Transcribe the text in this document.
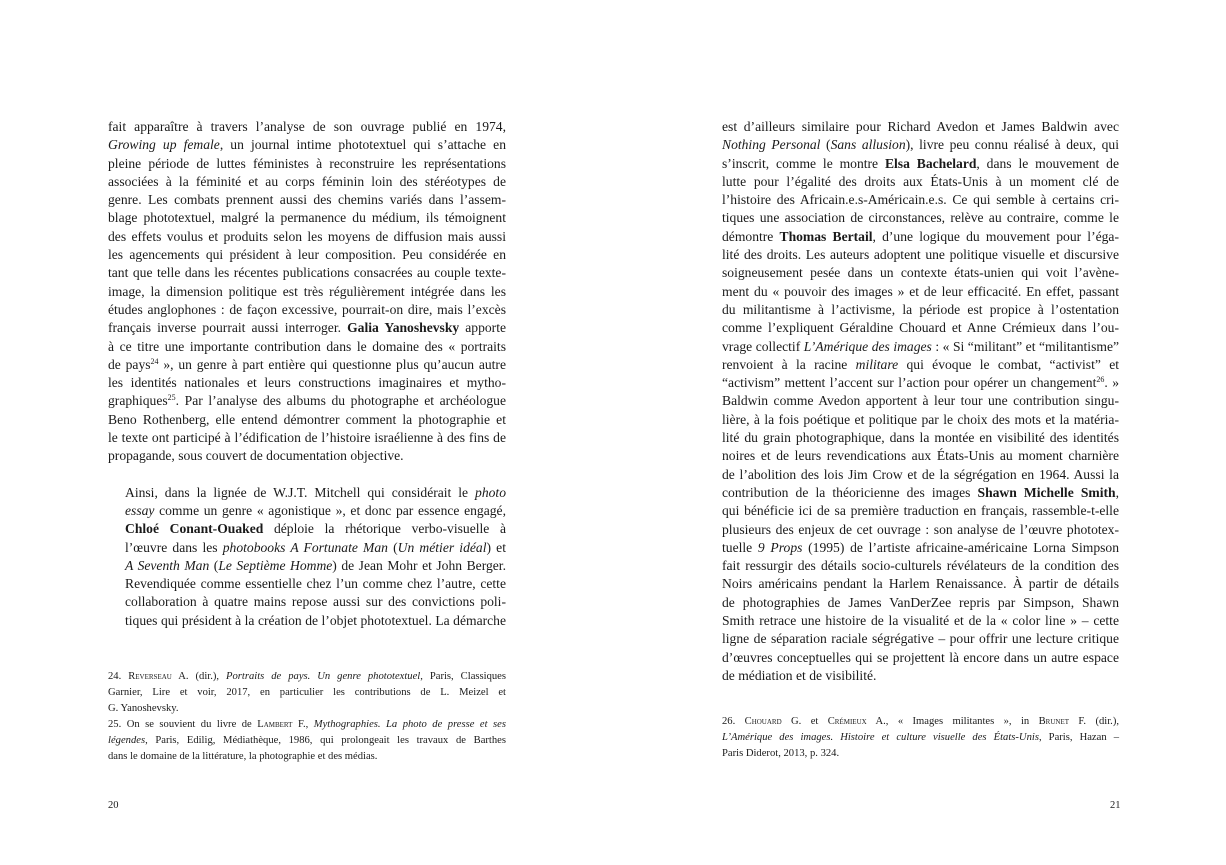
fait apparaître à travers l’analyse de son ouvrage publié en 1974,
Growing up female, un journal intime phototextuel qui s’attache en
pleine période de luttes féministes à reconstruire les représentations
associées à la féminité et au corps féminin loin des stéréotypes de
genre. Les combats prennent aussi des chemins variés dans l’assem-
blage phototextuel, malgré la permanence du médium, ils témoignent
des effets voulus et produits selon les moyens de diffusion mais aussi
les agencements qui président à leur composition. Peu considérée en
tant que telle dans les récentes publications consacrées au couple texte-
image, la dimension politique est très régulièrement intégrée dans les
études anglophones : de façon excessive, pourrait-on dire, mais l’excès
français inverse pourrait aussi interroger. Galia Yanoshevsky apporte
à ce titre une importante contribution dans le domaine des « portraits
de pays$^{24}$ », un genre à part entière qui questionne plus qu’aucun autre
les identités nationales et leurs constructions imaginaires et mytho-
graphiques$^{25}$. Par l’analyse des albums du photographe et archéologue
Beno Rothenberg, elle entend démontrer comment la photographie et
le texte ont participé à l’édification de l’histoire israélienne à des fins de
propagande, sous couvert de documentation objective.

Ainsi, dans la lignée de W.J.T. Mitchell qui considérait le photo
essay comme un genre « agonistique », et donc par essence engagé,
Chloé Conant-Ouaked déploie la rhétorique verbo-visuelle à
l’œuvre dans les photobooks A Fortunate Man (Un métier idéal) et
A Seventh Man (Le Septième Homme) de Jean Mohr et John Berger.
Revendiquée comme essentielle chez l’un comme chez l’autre, cette
collaboration à quatre mains repose aussi sur des convictions poli-
tiques qui président à la création de l’objet phototextuel. La démarche

24. Reverseau A. (dir.), Portraits de pays. Un genre phototextuel, Paris, Classiques
Garnier, Lire et voir, 2017, en particulier les contributions de L. Meizel et
G. Yanoshevsky.
25. On se souvient du livre de Lambert F., Mythographies. La photo de presse et ses
légendes, Paris, Edilig, Médiathèque, 1986, qui prolongeait les travaux de Barthes
dans le domaine de la littérature, la photographie et des médias.
20

est d’ailleurs similaire pour Richard Avedon et James Baldwin avec
Nothing Personal (Sans allusion), livre peu connu réalisé à deux, qui
s’inscrit, comme le montre Elsa Bachelard, dans le mouvement de
lutte pour l’égalité des droits aux États-Unis à un moment clé de
l’histoire des Africain.e.s-Américain.e.s. Ce qui semble à certains cri-
tiques une association de circonstances, relève au contraire, comme le
démontre Thomas Bertail, d’une logique du mouvement pour l’éga-
lité des droits. Les auteurs adoptent une politique visuelle et discursive
soigneusement pesée dans un contexte états-unien qui voit l’avène-
ment du « pouvoir des images » et de leur efficacité. En effet, passant
du militantisme à l’activisme, la période est propice à l’ostentation
comme l’expliquent Géraldine Chouard et Anne Crémieux dans l’ou-
vrage collectif L’Amérique des images : « Si “militant” et “militantisme”
renvoient à la racine militare qui évoque le combat, “activist” et
“activism” mettent l’accent sur l’action pour opérer un changement$^{26}$. »
Baldwin comme Avedon apportent à leur tour une contribution singu-
lière, à la fois poétique et politique par le choix des mots et la matéria-
lité du grain photographique, dans la montée en visibilité des identités
noires et de leurs revendications aux États-Unis au moment charnière
de l’abolition des lois Jim Crow et de la ségrégation en 1964. Aussi la
contribution de la théoricienne des images Shawn Michelle Smith,
qui bénéficie ici de sa première traduction en français, rassemble-t-elle
plusieurs des enjeux de cet ouvrage : son analyse de l’œuvre phototex-
tuelle 9 Props (1995) de l’artiste africaine-américaine Lorna Simpson
fait ressurgir des détails socio-culturels révélateurs de la condition des
Noirs américains pendant la Harlem Renaissance. À partir de détails
de photographies de James VanDerZee repris par Simpson, Shawn
Smith retrace une histoire de la visualité et de la « color line » – cette
ligne de séparation raciale ségrégative – pour offrir une lecture critique
d’œuvres conceptuelles qui se projettent là encore dans un autre espace
de médiation et de visibilité.

26. Chouard G. et Crémieux A., « Images militantes », in Brunet F. (dir.),
L’Amérique des images. Histoire et culture visuelle des États-Unis, Paris, Hazan –
Paris Diderot, 2013, p. 324.
21
